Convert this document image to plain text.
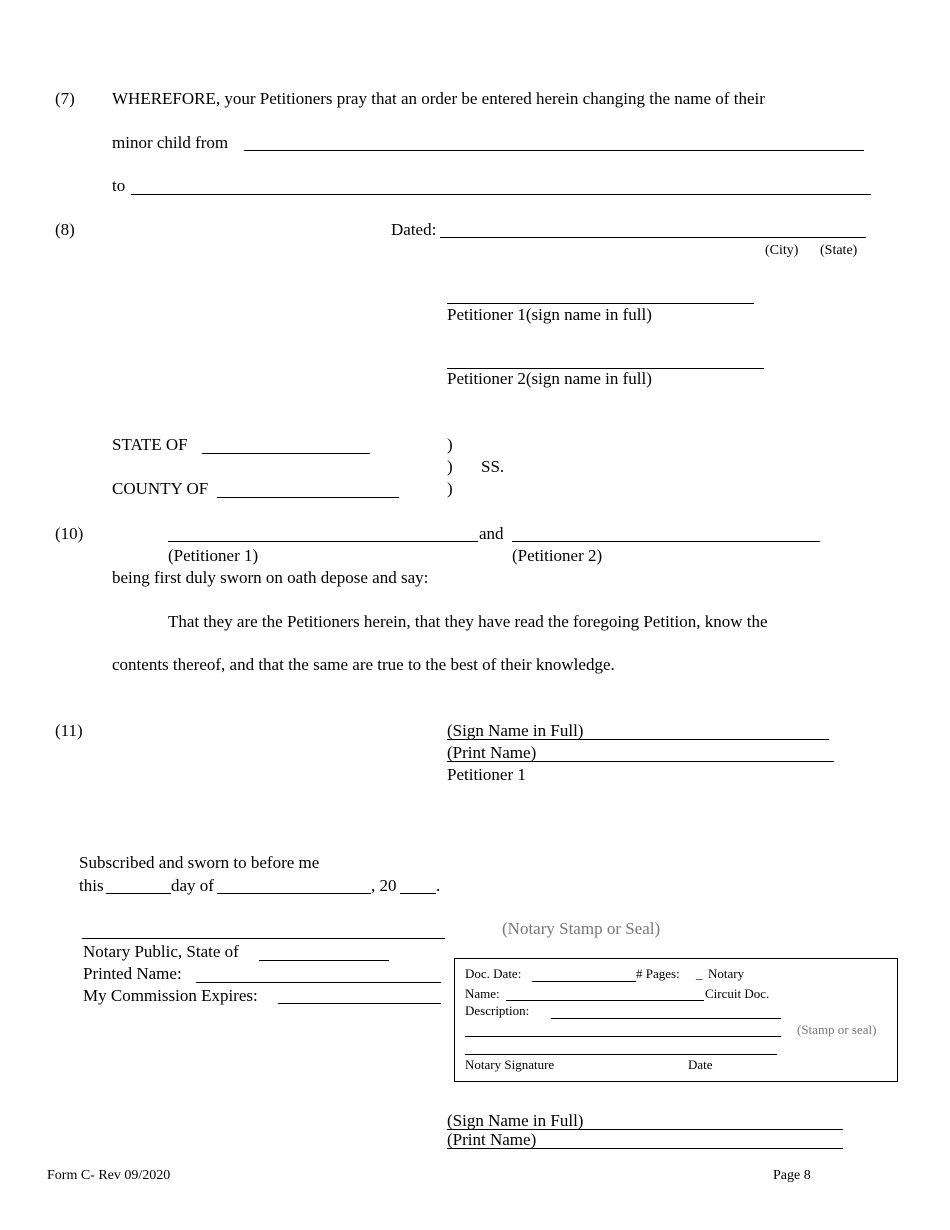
(7) WHEREFORE, your Petitioners pray that an order be entered herein changing the name of their
minor child from
to
(8)	Dated:
(City) (State)
Petitioner 1(sign name in full)
Petitioner 2(sign name in full)
STATE OF
COUNTY OF
)
)
)
SS.
(10)	and
(Petitioner 1)	(Petitioner 2)
being first duly sworn on oath depose and say:
That they are the Petitioners herein, that they have read the foregoing Petition, know the
contents thereof, and that the same are true to the best of their knowledge.
(11)	(Sign Name in Full)
(Print Name)
Petitioner 1
Subscribed and sworn to before me
this	day of	, 20 .
(Notary Stamp or Seal)
Notary Public, State of
Printed Name:
My Commission Expires:
Doc. Date:	# Pages: _ Notary
Name:	Circuit Doc.
Description:
(Stamp or seal)
Notary Signature	Date
(Sign Name in Full)
(Print Name)
Form C- Rev 09/2020	Page 8
